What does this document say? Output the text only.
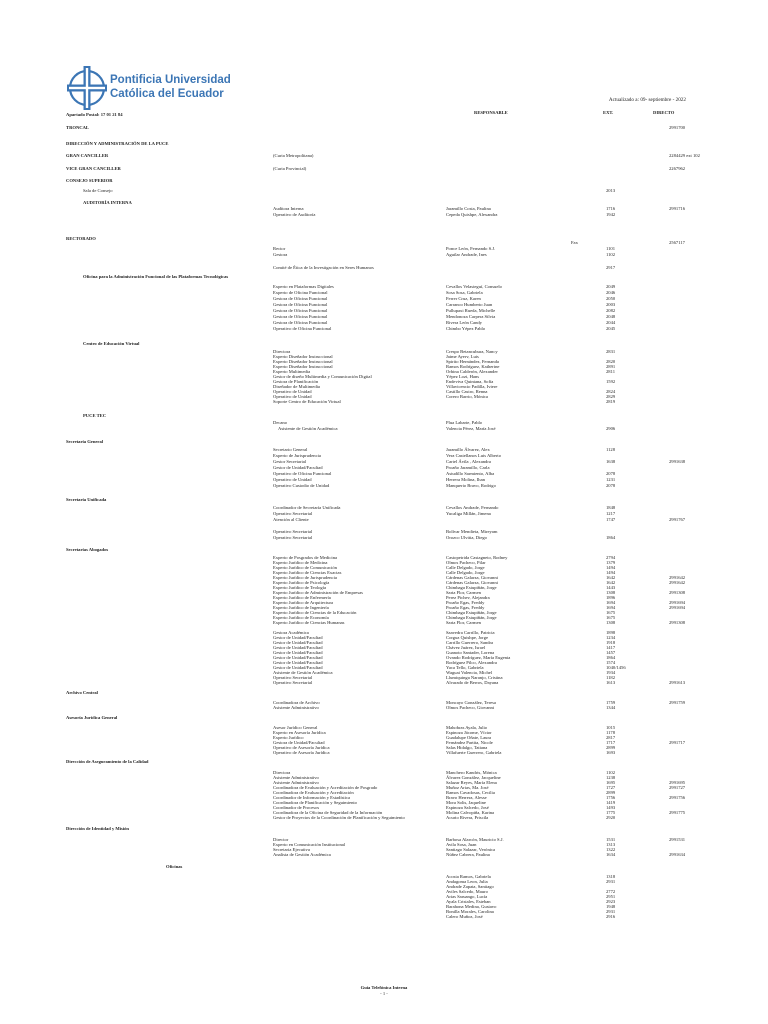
Pontificia Universidad
Católica del Ecuador	Actualizado a: 09- septiembre - 2022
RESPONSABLE	EXT.	DIRECTO
Apartado Postal: 17 01 21 84
TRONCAL	2991700
DIRECCIÓN Y ADMINISTRACIÓN DE LA PUCE
GRAN CANCILLER	(Curia Metropolitana)	2284429 ext 102
VICE GRAN CANCILLER	(Curia Provincial)	2267962
CONSEJO SUPERIOR
Sala de Consejo	2013
AUDITORÍA INTERNA
Auditora Interna	Jaramillo Costa, Paulina	1716	2991716
Operativo de Auditoría	Cepeda Quishpe, Alexandra	1942
RECTORADO
Fax	2567117
Rector	Ponce León, Fernando S.J.	1101
Gestora	Aguilar Andrade, Ines	1102
Comité de Ética de la Investigación en Seres Humanos	2917
Oficina para la Administración Funcional de las Plataformas Tecnológicas
Experto en Plataformas Digitales	Cevallos Velasteguí, Consuelo	2049
Experto de Oficina Funcional	Sosa Sosa, Gabriela	2046
Gestora de Oficina Funcional	Ferrer Cruz, Karen	2050
Gestora de Oficina Funcional	Carranco Humberto Juan	2003
Gestora de Oficina Funcional	Pullupaxi Rueda, Michelle	2082
Gestora de Oficina Funcional	Mendonoza Carpera Silvia	2048
Gestora de Oficina Funcional	Rivera León Candy	2044
Operativo de Oficina Funcional	Chimbo Yépez Pablo	2045
Centro de Educación Virtual
Directora	Crespo Betancubura, Nancy	2831
Experto Diseñador Instruccional	Jaime Ayerv, Luis
Experto Diseñador Instruccional	Spirito Hernández, Fernanda	2820
Experto Diseñador Instruccional	Ramos Rodríguez, Katherine	2891
Experto Multimedia	Orbina Calderón, Alexander	2811
Gestor de diseño Multimedia y Comunicación Digital	Yépez Lozi, Hans
Gestora de Planificación	Endeviva Quintana, Sofía	1592
Diseñador de Multimedia	Villavicencio Padilla, Iviere
Operativo de Unidad	Castillo Castro, Renna	2824
Operativo de Unidad	Corero Barrio, Mónica	2829
Soporte Centro de Educación Virtual	2819
PUCE TEC
Decano	Plua Labarte, Pablo
Asistente de Gestión Académica	Valencia Pérez, María José	2906
Secretaría General
Secretario General	Jaramillo Álvarez, Alex	1128
Experto de Jurisprudencia	Vera Castellanos Luis Alberto
Gestor Secretarial	Cartel Ávila , Alexandra	1638	2991638
Gestor de Unidad/Facultad	Proaño Jaramillo, Carla
Operativo de Oficina Funcional	Astudillo Sarmiento, Alba	2078
Operativo de Unidad	Herrera Molina, Ihan	1231
Operativo Custodio de Unidad	Manquerio Bravo, Rodrigo	2078
Secretaría Unificada
Coordinador de Secretaría Unificada	Cevallos Andrade, Fernando	1848
Operativo Secretarial	Yucaliga Millán, Jimena	1217
Atención al Cliente	1747	2991767
Operativo Secretarial	Bolívar Mendieta, Mireyam
Operativo Secretarial	Orozco Ulvitia, Diego	1864
Secretarías Abogados
Experto de Posgrados de Medicina	Castopetrida Castagneto, Rodney	2794
Experto Jurídico de Medicina	Olmos Pacheco, Pilar	1379
Experto Jurídico de Comunicación	Calle Delgado, Jorge	1494
Experto Jurídico de Ciencias Exactas	Calle Delgado, Jorge	1494
Experto Jurídico de Jurisprudencia	Cárdenas Galarza, Giovanni	1642	2991642
Experto Jurídico de Psicología	Cárdenas Galarza, Giovanni	1642	2991642
Experto Jurídico de Teología	Chimbaga Estupiñán, Jorge	1443
Experto Jurídico de Administración de Empresas	Saria Flor, Carmen	1308	2991308
Experto Jurídico de Enfermería	Perez Pichev, Alejandra	1896
Experto Jurídico de Arquitectura	Proaño Egas, Freddy	1694	2991694
Experto Jurídico de Ingeniería	Proaño Egas, Freddy	1694	2991694
Experto Jurídico de Ciencias de la Educación	Chimbaga Estupiñán, Jorge	1675
Experto Jurídico de Economía	Chimbaga Estupiñán, Jorge	1675
Experto Jurídico de Ciencias Humanas	Saria Flor, Carmen	1308	2991308
Gestora Académica	Saavedra Carrillo, Patricia	1898
Gestor de Unidad/Facultad	Corguz Quishpe, Jorge	1234
Gestor de Unidad/Facultad	Carrillo Guerrero, Sandra	1918
Gestor de Unidad/Facultad	Chávez Juárez, Israel	1417
Gestor de Unidad/Facultad	Guanoto Santader, Lorena	1457
Gestor de Unidad/Facultad	Ovando Rodríguez, María Eugenia	1864
Gestor de Unidad/Facultad	Rodríguez Pilco, Alexandra	1574
Gestor de Unidad/Facultad	Yaca Tello, Gabriela	1040/1456
Asistente de Gestión Académica	Waguai Valencia, Michel	1934
Operativo Secretarial	Llumiquinga Naranjo, Cristina	1182
Operativo Secretarial	Alvarado de Berros, Dayana	1613	2991613
Archivo Central
Coordinadora de Archivo	Moncayo González, Teresa	1759	2991759
Asistente Administrativo	Olmos Pacheco, Giovanni	1344
Asesoría Jurídica General
Asesor Jurídico General	Mahobras Ayala, Julio	1015
Experto en Asesoría Jurídica	Espinoza Jácome, Víctor	1178
Experto Jurídico	Guadalupe Oñate, Laura	2817
Gestora de Unidad/Facultad	Fernández Partita, Nicole	1717	2991717
Operativo de Asesoría Jurídica	Salas Hidalgo, Tatiana	2899
Operativo de Asesoría Jurídica	Villafuerte Guerrero, Gabriela	1693
Dirección de Aseguramiento de la Calidad
Directora	Manchero Kandris, Mónica	1102
Asistente Administrativo	Álvarez González, Jacqueline	1238
Asistente Administrativo	Salazar Reyes, María Elena	1695	2991695
Coordinadora de Evaluación y Acreditación de Posgrado	Muñoz Arias, Ma. José	1727	2991727
Coordinadora de Evaluación y Acreditación	Ramos Cavadosas, Cecilia	2899
Coordinador de Información y Estadística	Bravo Herrera, Alesse	1756	2991756
Coordinadora de Planificación y Seguimiento	Mora Solis, Jaqueline	1419
Coordinador de Procesos	Espinoza Salcedo, José	1493
Coordinadora de la Oficina de Seguridad de la Información	Molina Calvopiña, Karina	1775	2991775
Gestor de Proyectos de la Coordinación de Planificación y Seguimiento	Acurio Rivera, Priscila	2920
Dirección de Identidad y Misión
Director	Barbosa Alarcón, Mauricio S.J.	1531	2991531
Experto en Comunicación Institucional	Avila Sosa, Juan	1313
Secretaria Ejecutiva	Santiago Salazar, Verónica	1322
Analista de Gestión Académica	Núñez Cabrera, Paulina	1634	2991634
Oficinas
Acosta Ramos, Gabriela	1318
Andagoma Leon, Julia	2931
Andrade Zapata, Santiago
Aviles Salcedo, Mauro	2772
Arias Saruango, Lucía	2951
Ayala Cristales, Esteban	2923
Barahona Medina, Gustavo	1948
Bonilla Morales, Carolina	2931
Calero Muñoz, José	2916
Guía Telefónica Interna
- 1 -
